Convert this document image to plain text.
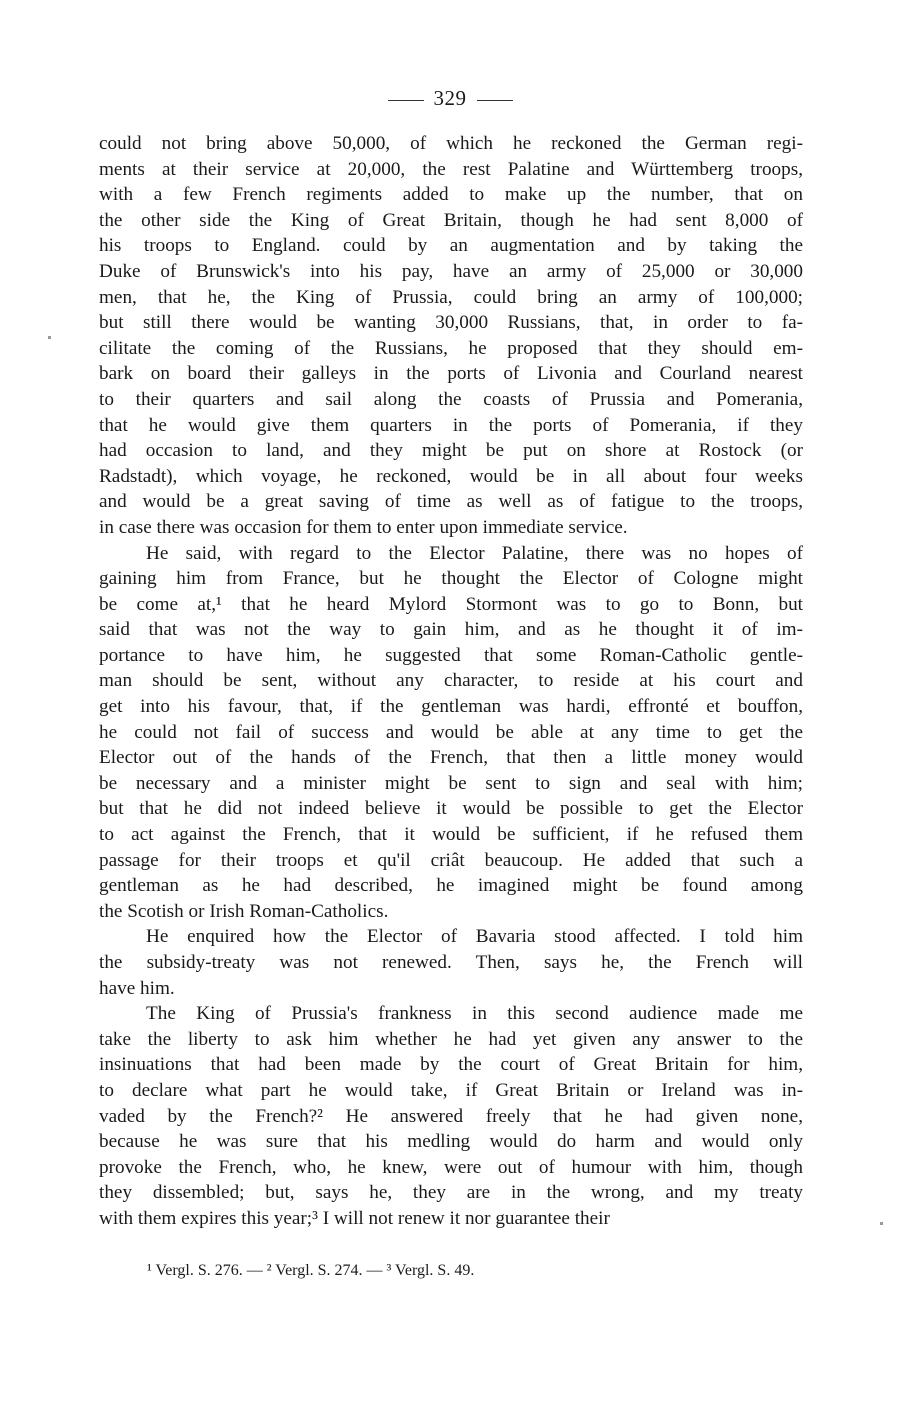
329
could not bring above 50,000, of which he reckoned the German regi-
ments at their service at 20,000, the rest Palatine and Württemberg troops,
with a few French regiments added to make up the number, that on
the other side the King of Great Britain, though he had sent 8,000 of
his troops to England. could by an augmentation and by taking the
Duke of Brunswick's into his pay, have an army of 25,000 or 30,000
men, that he, the King of Prussia, could bring an army of 100,000;
but still there would be wanting 30,000 Russians, that, in order to fa-
cilitate the coming of the Russians, he proposed that they should em-
bark on board their galleys in the ports of Livonia and Courland nearest
to their quarters and sail along the coasts of Prussia and Pomerania,
that he would give them quarters in the ports of Pomerania, if they
had occasion to land, and they might be put on shore at Rostock (or
Radstadt), which voyage, he reckoned, would be in all about four weeks
and would be a great saving of time as well as of fatigue to the troops,
in case there was occasion for them to enter upon immediate service.
He said, with regard to the Elector Palatine, there was no hopes of
gaining him from France, but he thought the Elector of Cologne might
be come at,¹ that he heard Mylord Stormont was to go to Bonn, but
said that was not the way to gain him, and as he thought it of im-
portance to have him, he suggested that some Roman-Catholic gentle-
man should be sent, without any character, to reside at his court and
get into his favour, that, if the gentleman was hardi, effronté et bouffon,
he could not fail of success and would be able at any time to get the
Elector out of the hands of the French, that then a little money would
be necessary and a minister might be sent to sign and seal with him;
but that he did not indeed believe it would be possible to get the Elector
to act against the French, that it would be sufficient, if he refused them
passage for their troops et qu'il criât beaucoup. He added that such a
gentleman as he had described, he imagined might be found among
the Scotish or Irish Roman-Catholics.
He enquired how the Elector of Bavaria stood affected. I told him
the subsidy-treaty was not renewed. Then, says he, the French will
have him.
The King of Prussia's frankness in this second audience made me
take the liberty to ask him whether he had yet given any answer to the
insinuations that had been made by the court of Great Britain for him,
to declare what part he would take, if Great Britain or Ireland was in-
vaded by the French?² He answered freely that he had given none,
because he was sure that his medling would do harm and would only
provoke the French, who, he knew, were out of humour with him, though
they dissembled; but, says he, they are in the wrong, and my treaty
with them expires this year;³ I will not renew it nor guarantee their
¹ Vergl. S. 276. — ² Vergl. S. 274. — ³ Vergl. S. 49.
